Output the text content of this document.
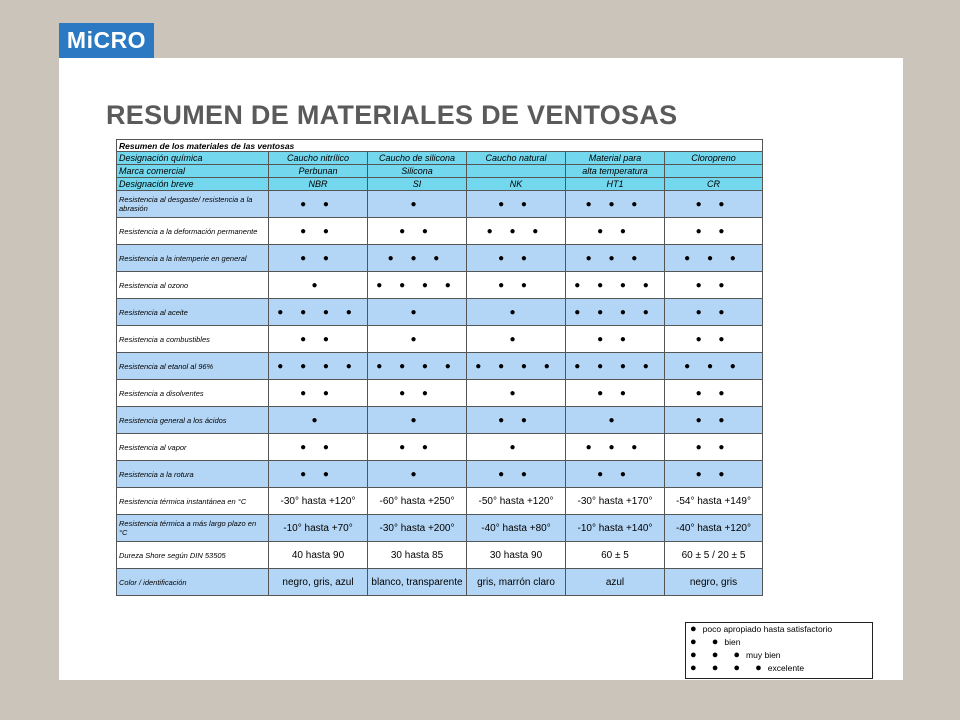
MiCRO
RESUMEN DE MATERIALES DE VENTOSAS
Resumen de los materiales de las ventosas					
Designación química	Caucho nitrílico	Caucho de silicona	Caucho natural	Material para	Cloropreno
Marca comercial	Perbunan	Silicona		alta temperatura	
Designación breve	NBR	SI	NK	HT1	CR
Resistencia al desgaste/ resistencia a la abrasión	● ●	●	● ●	● ● ●	● ●
Resistencia a la deformación permanente	● ●	● ●	● ● ●	● ●	● ●
Resistencia a la intemperie en general	● ●	● ● ●	● ●	● ● ●	● ● ●
Resistencia al ozono	●	● ● ● ●	● ●	● ● ● ●	● ●
Resistencia al aceite	● ● ● ●	●	●	● ● ● ●	● ●
Resistencia a combustibles	● ●	●	●	● ●	● ●
Resistencia al etanol al 96%	● ● ● ●	● ● ● ●	● ● ● ●	● ● ● ●	● ● ●
Resistencia a disolventes	● ●	● ●	●	● ●	● ●
Resistencia general a los ácidos	●	●	● ●	●	● ●
Resistencia al vapor	● ●	● ●	●	● ● ●	● ●
Resistencia a la rotura	● ●	●	● ●	● ●	● ●
Resistencia térmica instantánea en °C	-30° hasta +120°	-60° hasta +250°	-50° hasta +120°	-30° hasta +170°	-54° hasta +149°
Resistencia térmica a más largo plazo en °C	-10° hasta +70°	-30° hasta +200°	-40° hasta +80°	-10° hasta +140°	-40° hasta +120°
Dureza Shore según DIN 53505	40 hasta 90	30 hasta 85	30 hasta 90	60 ± 5	60 ± 5 / 20 ± 5
Color / identificación	negro, gris, azul	blanco, transparente	gris, marrón claro	azul	negro, gris
●poco apropiado hasta satisfactorio
● ●bien
● ● ●muy bien
● ● ● ●excelente
